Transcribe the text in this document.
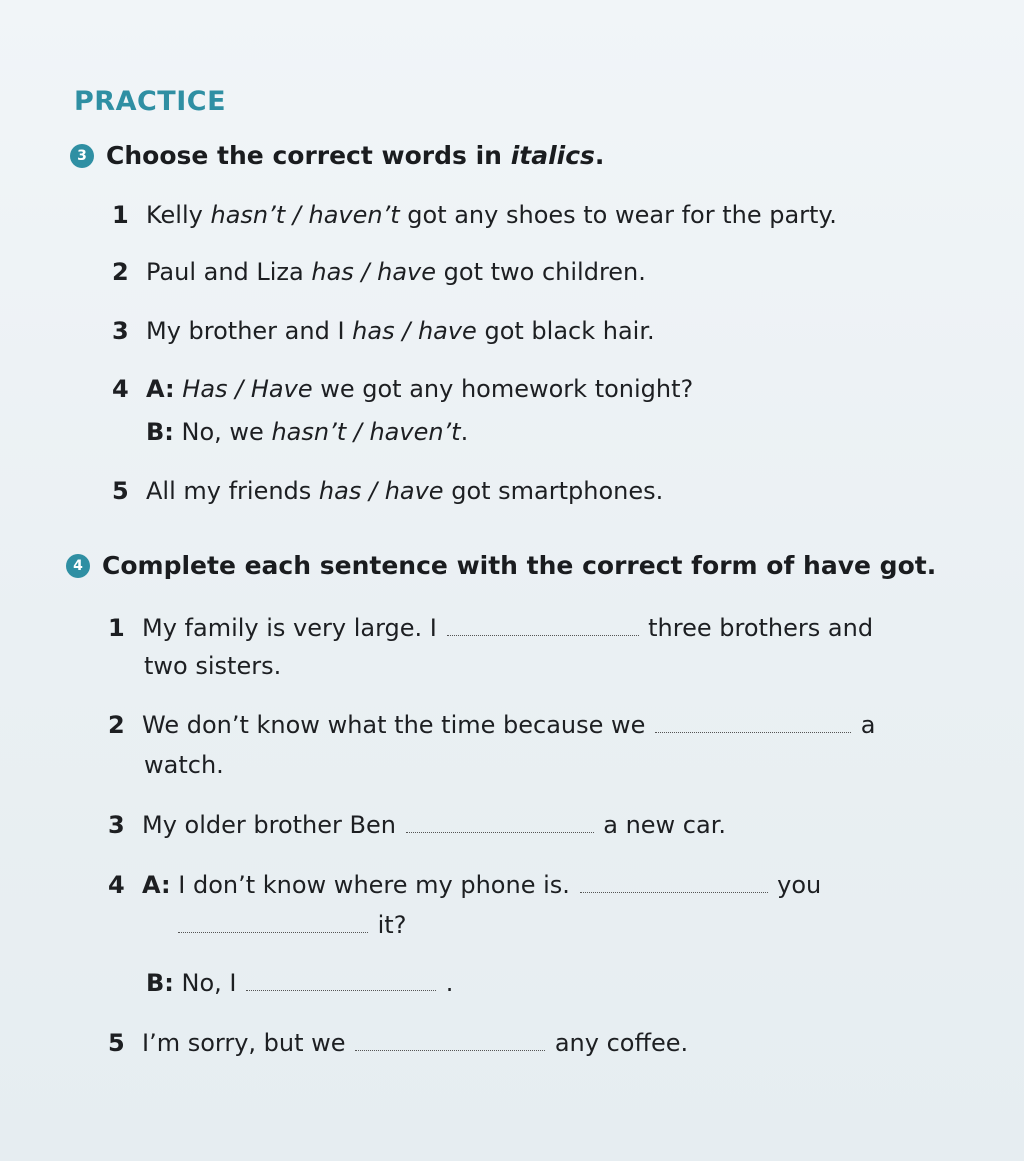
PRACTICE
3 Choose the correct words in italics.
1 Kelly hasn’t / haven’t got any shoes to wear for the party.
2 Paul and Liza has / have got two children.
3 My brother and I has / have got black hair.
4 A: Has / Have we got any homework tonight?
B: No, we hasn’t / haven’t.
5 All my friends has / have got smartphones.
4 Complete each sentence with the correct form of have got.
1 My family is very large. I	three brothers and
two sisters.
2 We don’t know what the time because we	a
watch.
3 My older brother Ben	a new car.
4 A: I don’t know where my phone is.	you
it?
B: No, I	.
5 I’m sorry, but we	any coffee.
